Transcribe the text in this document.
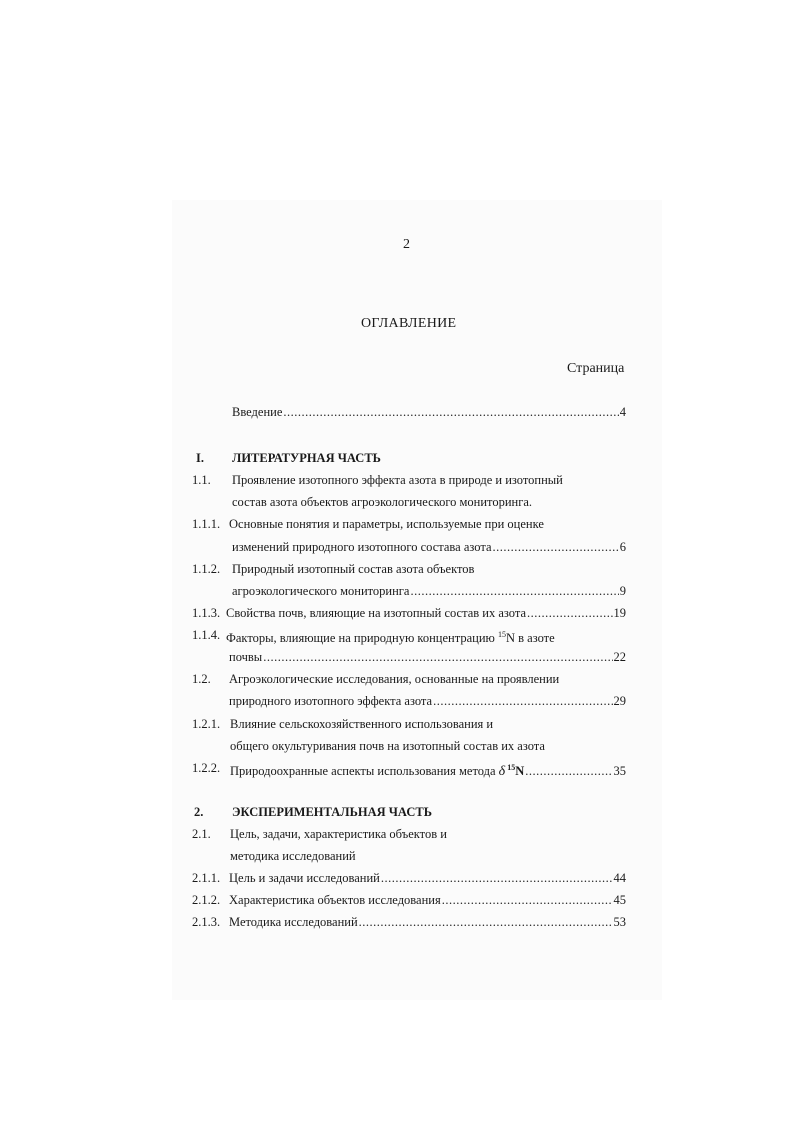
2
ОГЛАВЛЕНИЕ
Страница
Введение .....	4
I. ЛИТЕРАТУРНАЯ ЧАСТЬ
1.1. Проявление изотопного эффекта азота в природе и изотопный
состав азота объектов агроэкологического мониторинга.
1.1.1. Основные понятия и параметры, используемые при оценке
изменений природного изотопного состава азота .....	6
1.1.2. Природный изотопный состав азота объектов
агроэкологического мониторинга .....	9
1.1.3. Свойства почв, влияющие на изотопный состав их азота .....	19
1.1.4. Факторы, влияющие на природную концентрацию $^{15}$N в азоте
почвы .....	22
1.2. Агроэкологические исследования, основанные на проявлении
природного изотопного эффекта азота .....	29
1.2.1. Влияние сельскохозяйственного использования и
общего окультуривания почв на изотопный состав их азота
1.2.2. Природоохранные аспекты использования метода δ $^{15}$N .....	35
2. ЭКСПЕРИМЕНТАЛЬНАЯ ЧАСТЬ
2.1. Цель, задачи, характеристика объектов и
методика исследований
2.1.1. Цель и задачи исследований .....	44
2.1.2. Характеристика объектов исследования .....	45
2.1.3. Методика исследований .....	53
